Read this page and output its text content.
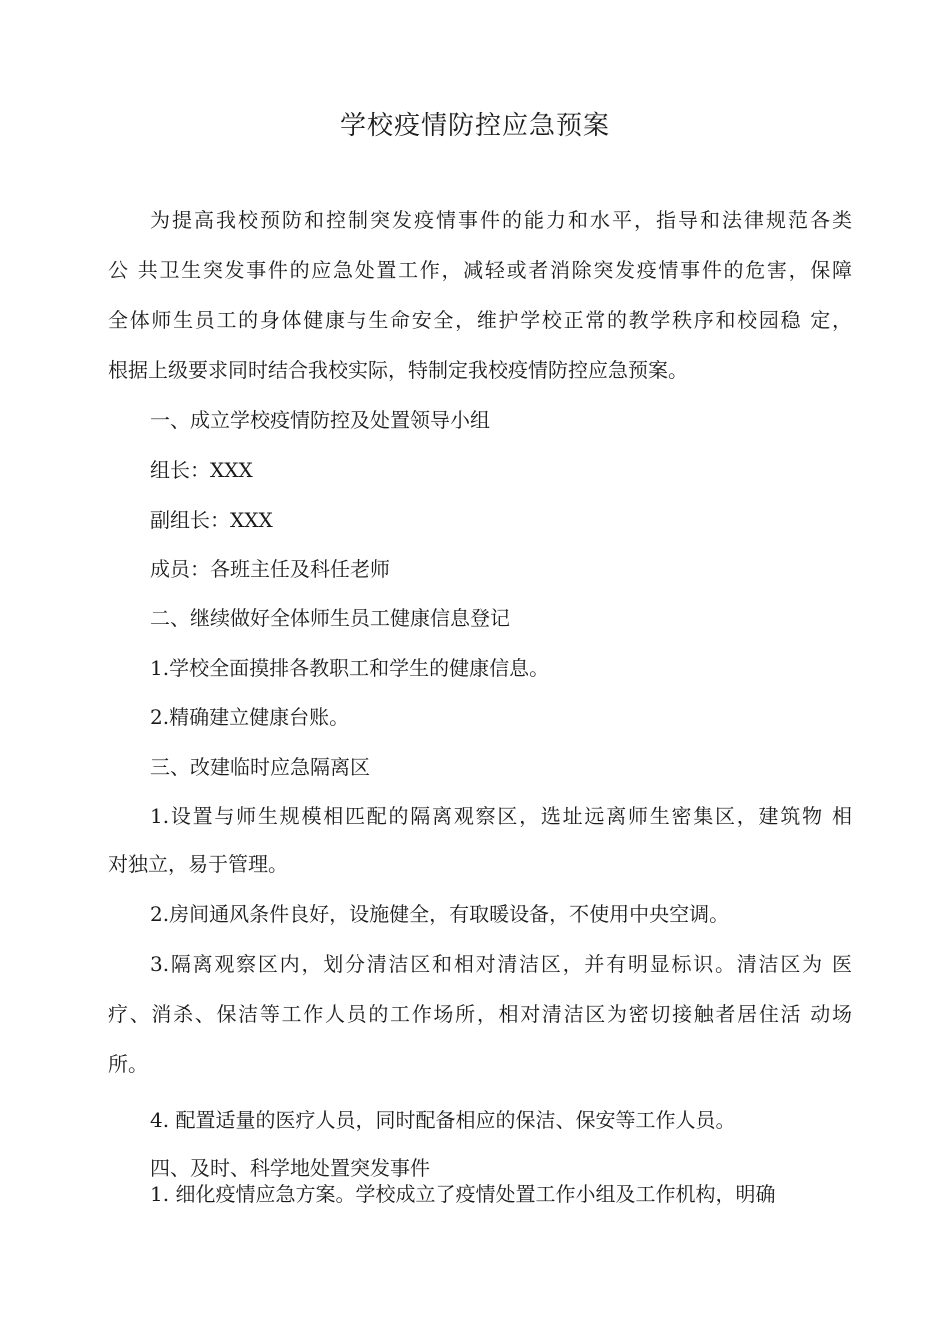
学校疫情防控应急预案
为提高我校预防和控制突发疫情事件的能力和水平，指导和法律规范各类
公 共卫生突发事件的应急处置工作，减轻或者消除突发疫情事件的危害，保障
全体师生员工的身体健康与生命安全，维护学校正常的教学秩序和校园稳 定，
根据上级要求同时结合我校实际，特制定我校疫情防控应急预案。
一、成立学校疫情防控及处置领导小组
组长：XXX
副组长：XXX
成员：各班主任及科任老师
二、继续做好全体师生员工健康信息登记
1.学校全面摸排各教职工和学生的健康信息。
2.精确建立健康台账。
三、改建临时应急隔离区
1.设置与师生规模相匹配的隔离观察区，选址远离师生密集区，建筑物 相
对独立，易于管理。
2.房间通风条件良好，设施健全，有取暖设备，不使用中央空调。
3.隔离观察区内，划分清洁区和相对清洁区，并有明显标识。清洁区为 医
疗、消杀、保洁等工作人员的工作场所，相对清洁区为密切接触者居住活 动场
所。
4. 配置适量的医疗人员，同时配备相应的保洁、保安等工作人员。
四、及时、科学地处置突发事件
1. 细化疫情应急方案。学校成立了疫情处置工作小组及工作机构，明确
